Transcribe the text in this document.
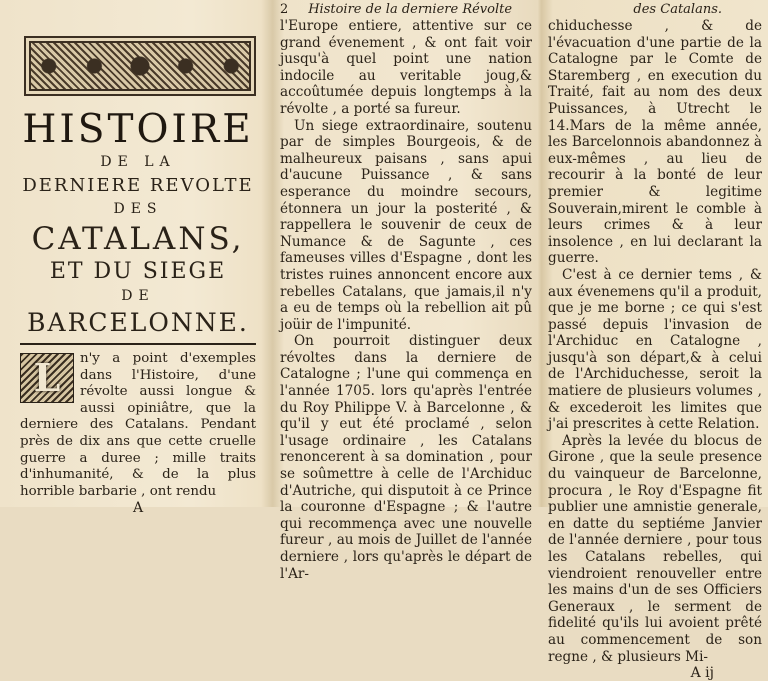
HISTOIRE
DE LA
DERNIERE REVOLTE
DES
CATALANS,
ET DU SIEGE
DE
BARCELONNE.
L	n'y a point d'exemples dans l'Histoire, d'une révolte aussi longue & aussi opiniâtre, que la derniere des Catalans. Pendant près de dix ans que cette cruelle guerre a duree ; mille traits d'inhumanité, & de la plus horrible barbarie , ont rendu
A
2 Histoire de la derniere Révolte

l'Europe entiere, attentive sur ce grand évenement , & ont fait voir jusqu'à quel point une nation indocile au veritable joug,& accoûtumée depuis longtemps à la révolte , a porté sa fureur.

Un siege extraordinaire, soutenu par de simples Bourgeois, & de malheureux paisans , sans apui d'aucune Puissance , & sans esperance du moindre secours, étonnera un jour la posterité , & rappellera le souvenir de ceux de Numance & de Sagunte , ces fameuses villes d'Espagne , dont les tristes ruines annoncent encore aux rebelles Catalans, que jamais,il n'y a eu de temps où la rebellion ait pû joüir de l'impunité.

On pourroit distinguer deux révoltes dans la derniere de Catalogne ; l'une qui commença en l'année 1705. lors qu'après l'entrée du Roy Philippe V. à Barcelonne , & qu'il y eut été proclamé , selon l'usage ordinaire , les Catalans renoncerent à sa domination , pour se soûmettre à celle de l'Archiduc d'Autriche, qui disputoit à ce Prince la couronne d'Espagne ; & l'autre qui recommença avec une nouvelle fureur , au mois de Juillet de l'année derniere , lors qu'après le départ de l'Ar-

des Catalans.

chiduchesse , & de l'évacuation d'une partie de la Catalogne par le Comte de Staremberg , en execution du Traité, fait au nom des deux Puissances, à Utrecht le 14.Mars de la même année, les Barcelonnois abandonnez à eux-mêmes , au lieu de recourir à la bonté de leur premier & legitime Souverain,mirent le comble à leurs crimes & à leur insolence , en lui declarant la guerre.

C'est à ce dernier tems , & aux évenemens qu'il a produit, que je me borne ; ce qui s'est passé depuis l'invasion de l'Archiduc en Catalogne , jusqu'à son départ,& à celui de l'Archiduchesse, seroit la matiere de plusieurs volumes , & excederoit les limites que j'ai prescrites à cette Relation.

Après la levée du blocus de Girone , que la seule presence du vainqueur de Barcelonne, procura , le Roy d'Espagne fit publier une amnistie generale, en datte du septiéme Janvier de l'année derniere , pour tous les Catalans rebelles, qui viendroient renouveller entre les mains d'un de ses Officiers Generaux , le serment de fidelité qu'ils lui avoient prêté au commencement de son regne , & plusieurs Mi-

A ij
